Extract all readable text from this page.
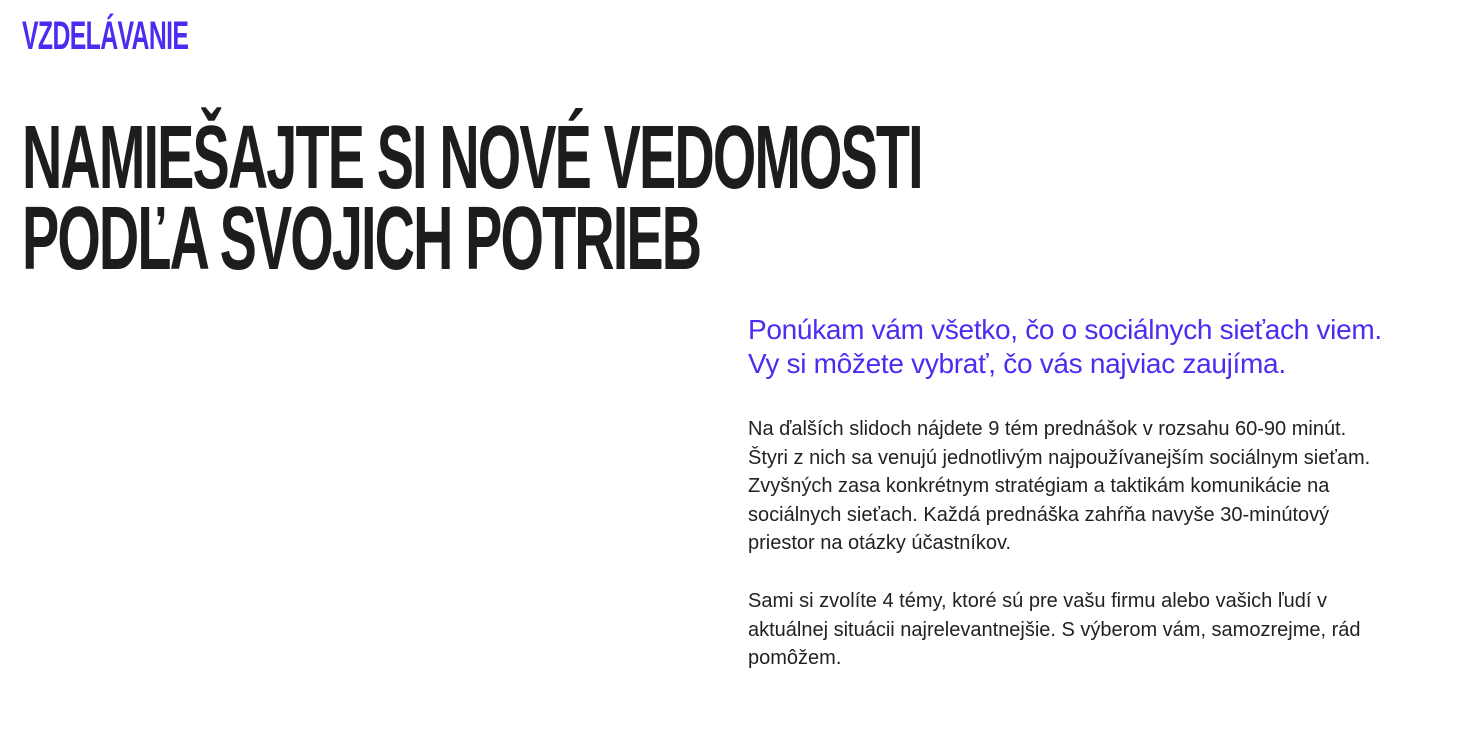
VZDELÁVANIE
NAMIEŠAJTE SI NOVÉ VEDOMOSTI
PODĽA SVOJICH POTRIEB

Ponúkam vám všetko, čo o sociálnych sieťach viem.
Vy si môžete vybrať, čo vás najviac zaujíma.

Na ďalších slidoch nájdete 9 tém prednášok v rozsahu 60-90 minút.
Štyri z nich sa venujú jednotlivým najpoužívanejším sociálnym sieťam.
Zvyšných zasa konkrétnym stratégiam a taktikám komunikácie na
sociálnych sieťach. Každá prednáška zahŕňa navyše 30-minútový
priestor na otázky účastníkov.

Sami si zvolíte 4 témy, ktoré sú pre vašu firmu alebo vašich ľudí v
aktuálnej situácii najrelevantnejšie. S výberom vám, samozrejme, rád
pomôžem.
